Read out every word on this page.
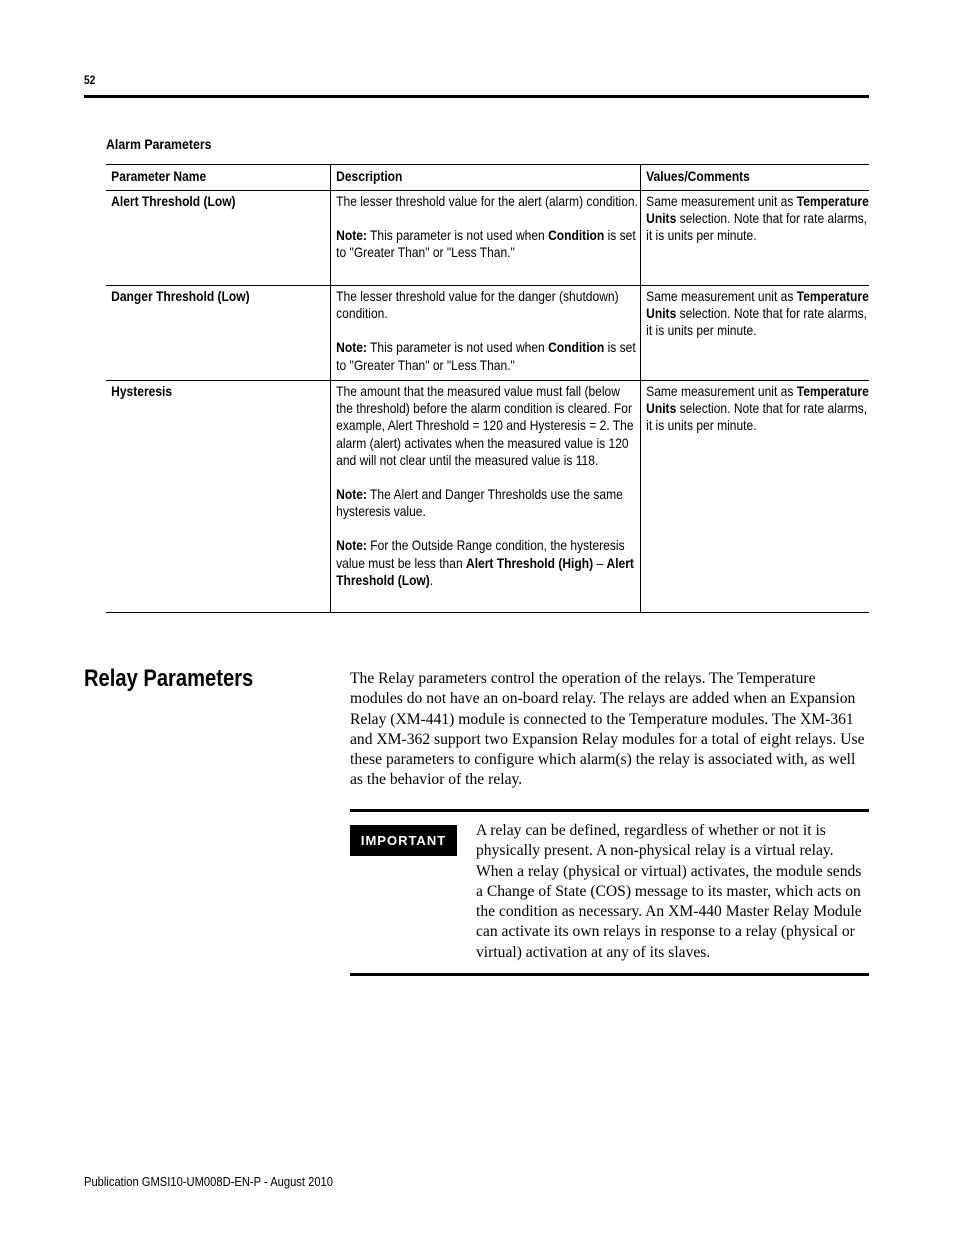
52
Alarm Parameters
Parameter Name	Description	Values/Comments

Alert Threshold (Low)	The lesser threshold value for the alert (alarm) condition.
Note: This parameter is not used when Condition is set to "Greater Than" or "Less Than."	Same measurement unit as Temperature Units selection. Note that for rate alarms, it is units per minute.

Danger Threshold (Low)	The lesser threshold value for the danger (shutdown) condition.
Note: This parameter is not used when Condition is set to "Greater Than" or "Less Than."	Same measurement unit as Temperature Units selection. Note that for rate alarms, it is units per minute.

Hysteresis	The amount that the measured value must fall (below the threshold) before the alarm condition is cleared. For example, Alert Threshold = 120 and Hysteresis = 2. The alarm (alert) activates when the measured value is 120 and will not clear until the measured value is 118.
Note: The Alert and Danger Thresholds use the same hysteresis value.
Note: For the Outside Range condition, the hysteresis value must be less than Alert Threshold (High) – Alert Threshold (Low).	Same measurement unit as Temperature Units selection. Note that for rate alarms, it is units per minute.
Relay Parameters	The Relay parameters control the operation of the relays. The Temperature modules do not have an on-board relay. The relays are added when an Expansion Relay (XM-441) module is connected to the Temperature modules. The XM-361 and XM-362 support two Expansion Relay modules for a total of eight relays. Use these parameters to configure which alarm(s) the relay is associated with, as well as the behavior of the relay.
IMPORTANT
A relay can be defined, regardless of whether or not it is physically present. A non-physical relay is a virtual relay. When a relay (physical or virtual) activates, the module sends a Change of State (COS) message to its master, which acts on the condition as necessary. An XM-440 Master Relay Module can activate its own relays in response to a relay (physical or virtual) activation at any of its slaves.
Publication GMSI10-UM008D-EN-P - August 2010
